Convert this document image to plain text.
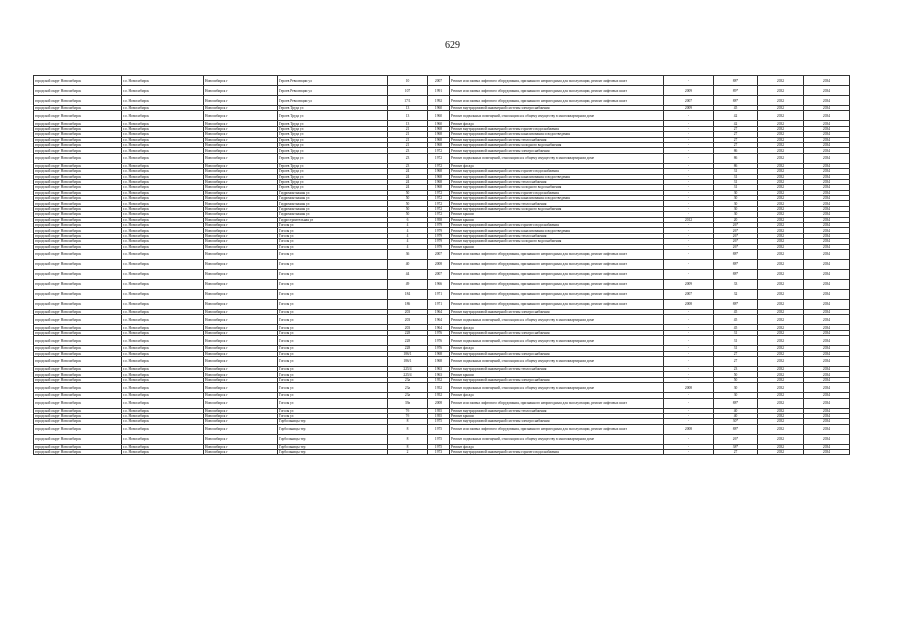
629
городской округ Новосибирск	г.о. Новосибирск	Новосибирск г	Героев Революции ул	10	2007	Ремонт или замена лифтового оборудования, признанного непригодным для эксплуатации, ремонт лифтовых шахт	-	88*	2032	2034
городской округ Новосибирск	г.о. Новосибирск	Новосибирск г	Героев Революции ул	107	1991	Ремонт или замена лифтового оборудования, признанного непригодным для эксплуатации, ремонт лифтовых шахт	2009	89*	2032	2034
городской округ Новосибирск	г.о. Новосибирск	Новосибирск г	Героев Революции ул	17/1	1992	Ремонт или замена лифтового оборудования, признанного непригодным для эксплуатации, ремонт лифтовых шахт	2007	88*	2032	2034
городской округ Новосибирск	г.о. Новосибирск	Новосибирск г	Героев Труда ул	13	1960	Ремонт внутридомовой инженерной системы электроснабжения	2009	45	2032	2034
городской округ Новосибирск	г.о. Новосибирск	Новосибирск г	Героев Труда ул	13	1960	Ремонт подвальных помещений, относящихся к общему имуществу в многоквартирном доме	-	42	2032	2034
городской округ Новосибирск	г.о. Новосибирск	Новосибирск г	Героев Труда ул	13	1960	Ремонт фасада	-	42	2032	2034
городской округ Новосибирск	г.о. Новосибирск	Новосибирск г	Героев Труда ул	21	1968	Ремонт внутридомовой инженерной системы горячего водоснабжения	-	27	2032	2034
городской округ Новосибирск	г.о. Новосибирск	Новосибирск г	Героев Труда ул	21	1968	Ремонт внутридомовой инженерной системы канализования и водоотведения	-	27	2032	2034
городской округ Новосибирск	г.о. Новосибирск	Новосибирск г	Героев Труда ул	21	1968	Ремонт внутридомовой инженерной системы теплоснабжения	-	27	2032	2034
городской округ Новосибирск	г.о. Новосибирск	Новосибирск г	Героев Труда ул	21	1968	Ремонт внутридомовой инженерной системы холодного водоснабжения	-	27	2032	2034
городской округ Новосибирск	г.о. Новосибирск	Новосибирск г	Героев Труда ул	23	1972	Ремонт внутридомовой инженерной системы электроснабжения	-	86	2032	2034
городской округ Новосибирск	г.о. Новосибирск	Новосибирск г	Героев Труда ул	23	1972	Ремонт подвальных помещений, относящихся к общему имуществу в многоквартирном доме	-	86	2032	2034
городской округ Новосибирск	г.о. Новосибирск	Новосибирск г	Героев Труда ул	23	1972	Ремонт фасада	-	86	2032	2034
городской округ Новосибирск	г.о. Новосибирск	Новосибирск г	Героев Труда ул	24	1968	Ремонт внутридомовой инженерной системы горячего водоснабжения	-	31	2032	2034
городской округ Новосибирск	г.о. Новосибирск	Новосибирск г	Героев Труда ул	24	1968	Ремонт внутридомовой инженерной системы канализования и водоотведения	-	31	2032	2034
городской округ Новосибирск	г.о. Новосибирск	Новосибирск г	Героев Труда ул	24	1968	Ремонт внутридомовой инженерной системы теплоснабжения	-	31	2032	2034
городской округ Новосибирск	г.о. Новосибирск	Новосибирск г	Героев Труда ул	24	1968	Ремонт внутридомовой инженерной системы холодного водоснабжения	-	31	2032	2034
городской округ Новосибирск	г.о. Новосибирск	Новосибирск г	Гидромонтажная ул	50	1972	Ремонт внутридомовой инженерной системы горячего водоснабжения	-	30	2032	2034
городской округ Новосибирск	г.о. Новосибирск	Новосибирск г	Гидромонтажная ул	50	1972	Ремонт внутридомовой инженерной системы канализования и водоотведения	-	30	2032	2034
городской округ Новосибирск	г.о. Новосибирск	Новосибирск г	Гидромонтажная ул	50	1972	Ремонт внутридомовой инженерной системы теплоснабжения	-	30	2032	2034
городской округ Новосибирск	г.о. Новосибирск	Новосибирск г	Гидромонтажная ул	50	1972	Ремонт внутридомовой инженерной системы холодного водоснабжения	-	30	2032	2034
городской округ Новосибирск	г.о. Новосибирск	Новосибирск г	Гидромонтажная ул	50	1972	Ремонт крыши	-	30	2032	2034
городской округ Новосибирск	г.о. Новосибирск	Новосибирск г	Гидростроительная ул	6	1958	Ремонт крыши	2012	20	2032	2034
городской округ Новосибирск	г.о. Новосибирск	Новосибирск г	Гоголя ул	4	1979	Ремонт внутридомовой инженерной системы горячего водоснабжения	-	26*	2032	2034
городской округ Новосибирск	г.о. Новосибирск	Новосибирск г	Гоголя ул	4	1979	Ремонт внутридомовой инженерной системы канализования и водоотведения	-	26*	2032	2034
городской округ Новосибирск	г.о. Новосибирск	Новосибирск г	Гоголя ул	4	1979	Ремонт внутридомовой инженерной системы теплоснабжения	-	26*	2032	2034
городской округ Новосибирск	г.о. Новосибирск	Новосибирск г	Гоголя ул	4	1979	Ремонт внутридомовой инженерной системы холодного водоснабжения	-	26*	2032	2034
городской округ Новосибирск	г.о. Новосибирск	Новосибирск г	Гоголя ул	4	1979	Ремонт крыши	-	26*	2032	2034
городской округ Новосибирск	г.о. Новосибирск	Новосибирск г	Гоголя ул	36	2007	Ремонт или замена лифтового оборудования, признанного непригодным для эксплуатации, ремонт лифтовых шахт	-	88*	2032	2034
городской округ Новосибирск	г.о. Новосибирск	Новосибирск г	Гоголя ул	40	2008	Ремонт или замена лифтового оборудования, признанного непригодным для эксплуатации, ремонт лифтовых шахт	-	88*	2032	2034
городской округ Новосибирск	г.о. Новосибирск	Новосибирск г	Гоголя ул	44	2007	Ремонт или замена лифтового оборудования, признанного непригодным для эксплуатации, ремонт лифтовых шахт	-	88*	2032	2034
городской округ Новосибирск	г.о. Новосибирск	Новосибирск г	Гоголя ул	49	1966	Ремонт или замена лифтового оборудования, признанного непригодным для эксплуатации, ремонт лифтовых шахт	2009	33	2032	2034
городской округ Новосибирск	г.о. Новосибирск	Новосибирск г	Гоголя ул	184	1971	Ремонт или замена лифтового оборудования, признанного непригодным для эксплуатации, ремонт лифтовых шахт	2007	32	2032	2034
городской округ Новосибирск	г.о. Новосибирск	Новосибирск г	Гоголя ул	186	1971	Ремонт или замена лифтового оборудования, признанного непригодным для эксплуатации, ремонт лифтовых шахт	2008	88*	2032	2034
городской округ Новосибирск	г.о. Новосибирск	Новосибирск г	Гоголя ул	203	1964	Ремонт внутридомовой инженерной системы электроснабжения	-	45	2032	2034
городской округ Новосибирск	г.о. Новосибирск	Новосибирск г	Гоголя ул	203	1964	Ремонт подвальных помещений, относящихся к общему имуществу в многоквартирном доме	-	45	2032	2034
городской округ Новосибирск	г.о. Новосибирск	Новосибирск г	Гоголя ул	203	1964	Ремонт фасада	-	45	2032	2034
городской округ Новосибирск	г.о. Новосибирск	Новосибирск г	Гоголя ул	228	1976	Ремонт внутридомовой инженерной системы электроснабжения	-	31	2032	2034
городской округ Новосибирск	г.о. Новосибирск	Новосибирск г	Гоголя ул	228	1976	Ремонт подвальных помещений, относящихся к общему имуществу в многоквартирном доме	-	31	2032	2034
городской округ Новосибирск	г.о. Новосибирск	Новосибирск г	Гоголя ул	228	1976	Ремонт фасада	-	31	2032	2034
городской округ Новосибирск	г.о. Новосибирск	Новосибирск г	Гоголя ул	186/1	1968	Ремонт внутридомовой инженерной системы электроснабжения	-	27	2032	2034
городской округ Новосибирск	г.о. Новосибирск	Новосибирск г	Гоголя ул	186/1	1968	Ремонт подвальных помещений, относящихся к общему имуществу в многоквартирном доме	-	27	2032	2034
городской округ Новосибирск	г.о. Новосибирск	Новосибирск г	Гоголя ул	225/4	1963	Ремонт внутридомовой инженерной системы теплоснабжения	-	23	2032	2034
городской округ Новосибирск	г.о. Новосибирск	Новосибирск г	Гоголя ул	225/4	1963	Ремонт крыши	-	50	2032	2034
городской округ Новосибирск	г.о. Новосибирск	Новосибирск г	Гоголя ул	23а	1952	Ремонт внутридомовой инженерной системы электроснабжения	-	50	2032	2034
городской округ Новосибирск	г.о. Новосибирск	Новосибирск г	Гоголя ул	23а	1952	Ремонт подвальных помещений, относящихся к общему имуществу в многоквартирном доме	2008	30	2032	2034
городской округ Новосибирск	г.о. Новосибирск	Новосибирск г	Гоголя ул	23а	1952	Ремонт фасада	-	30	2032	2034
городской округ Новосибирск	г.о. Новосибирск	Новосибирск г	Гоголя ул	39а	2008	Ремонт или замена лифтового оборудования, признанного непригодным для эксплуатации, ремонт лифтовых шахт	-	88*	2032	2034
городской округ Новосибирск	г.о. Новосибирск	Новосибирск г	Гоголя ул	7б	1955	Ремонт внутридомовой инженерной системы теплоснабжения	-	40	2032	2034
городской округ Новосибирск	г.о. Новосибирск	Новосибирск г	Гоголя ул	7б	1955	Ремонт крыши	-	40	2032	2034
городской округ Новосибирск	г.о. Новосибирск	Новосибирск г	Горбольницы тер	8	1975	Ремонт внутридомовой инженерной системы электроснабжения	-	30*	2032	2034
городской округ Новосибирск	г.о. Новосибирск	Новосибирск г	Горбольницы тер	8	1975	Ремонт или замена лифтового оборудования, признанного непригодным для эксплуатации, ремонт лифтовых шахт	2008	88*	2032	2034
городской округ Новосибирск	г.о. Новосибирск	Новосибирск г	Горбольницы тер	8	1975	Ремонт подвальных помещений, относящихся к общему имуществу в многоквартирном доме	-	26*	2032	2034
городской округ Новосибирск	г.о. Новосибирск	Новосибирск г	Горбольницы тер	8	1975	Ремонт фасада	-	38*	2032	2034
городской округ Новосибирск	г.о. Новосибирск	Новосибирск г	Горбольницы тер	2	1973	Ремонт внутридомовой инженерной системы горячего водоснабжения	-	27	2032	2034
